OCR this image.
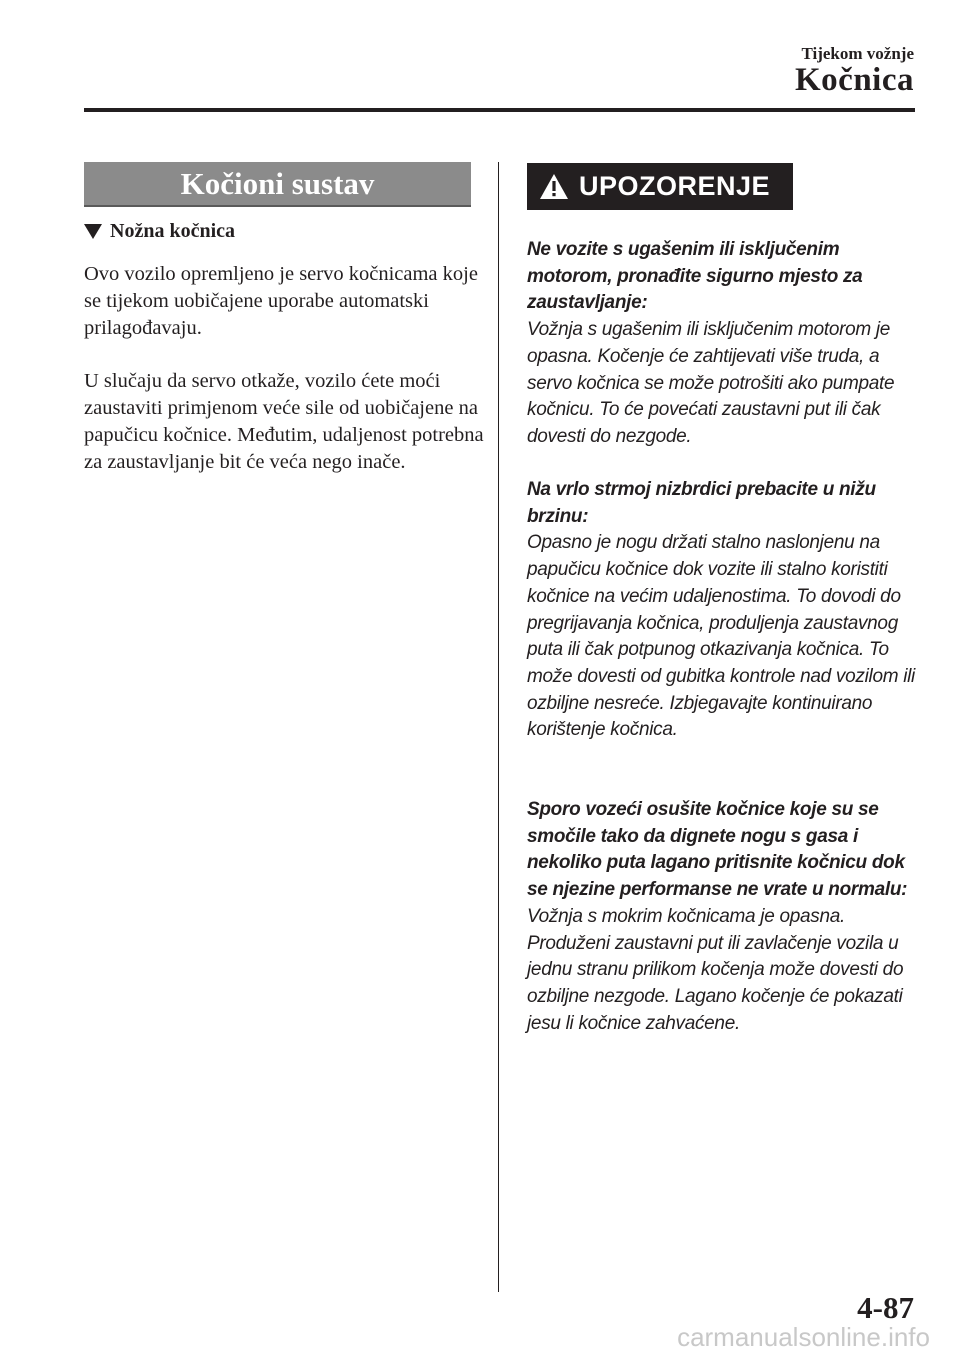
Tijekom vožnje
Kočnica
Kočioni sustav
Nožna kočnica
Ovo vozilo opremljeno je servo kočnicama koje se tijekom uobičajene uporabe automatski prilagođavaju.
U slučaju da servo otkaže, vozilo ćete moći zaustaviti primjenom veće sile od uobičajene na papučicu kočnice. Međutim, udaljenost potrebna za zaustavljanje bit će veća nego inače.
UPOZORENJE
Ne vozite s ugašenim ili isključenim motorom, pronađite sigurno mjesto za zaustavljanje:
Vožnja s ugašenim ili isključenim motorom je opasna. Kočenje će zahtijevati više truda, a servo kočnica se može potrošiti ako pumpate kočnicu. To će povećati zaustavni put ili čak dovesti do nezgode.
Na vrlo strmoj nizbrdici prebacite u nižu brzinu:
Opasno je nogu držati stalno naslonjenu na papučicu kočnice dok vozite ili stalno koristiti kočnice na većim udaljenostima. To dovodi do pregrijavanja kočnica, produljenja zaustavnog puta ili čak potpunog otkazivanja kočnica. To može dovesti od gubitka kontrole nad vozilom ili ozbiljne nesreće. Izbjegavajte kontinuirano korištenje kočnica.
Sporo vozeći osušite kočnice koje su se smočile tako da dignete nogu s gasa i nekoliko puta lagano pritisnite kočnicu dok se njezine performanse ne vrate u normalu:
Vožnja s mokrim kočnicama je opasna. Produženi zaustavni put ili zavlačenje vozila u jednu stranu prilikom kočenja može dovesti do ozbiljne nezgode. Lagano kočenje će pokazati jesu li kočnice zahvaćene.
4-87
carmanualsonline.info
